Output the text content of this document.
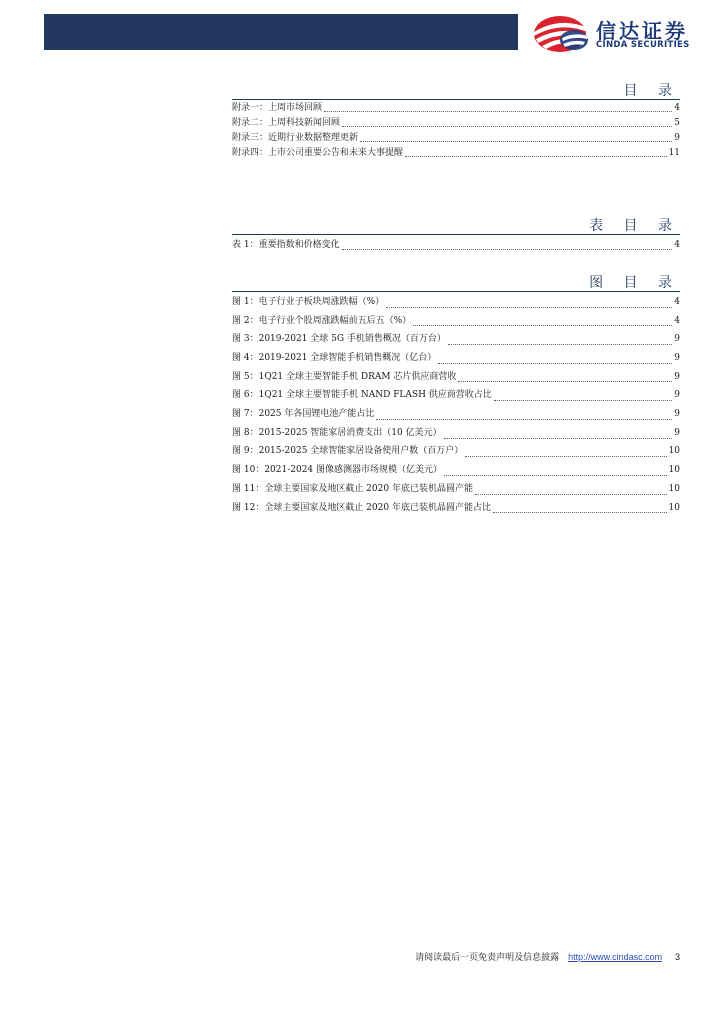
信达证券
CINDA SECURITIES
目 录
附录一：上周市场回顾	4
附录二：上周科技新闻回顾	5
附录三：近期行业数据整理更新	9
附录四：上市公司重要公告和未来大事提醒	11
表 目 录
表 1：重要指数和价格变化	4
图 目 录
图 1：电子行业子板块周涨跌幅（%）	4
图 2：电子行业个股周涨跌幅前五后五（%）	4
图 3：2019-2021 全球 5G 手机销售概况（百万台）	9
图 4：2019-2021 全球智能手机销售概况（亿台）	9
图 5：1Q21 全球主要智能手机 DRAM 芯片供应商营收	9
图 6：1Q21 全球主要智能手机 NAND FLASH 供应商营收占比	9
图 7：2025 年各国锂电池产能占比	9
图 8：2015-2025 智能家居消费支出（10 亿美元）	9
图 9：2015-2025 全球智能家居设备使用户数（百万户）	10
图 10：2021-2024 图像感测器市场规模（亿美元）	10
图 11：全球主要国家及地区截止 2020 年底已装机晶圆产能	10
图 12：全球主要国家及地区截止 2020 年底已装机晶圆产能占比	10
请阅读最后一页免责声明及信息披露 http://www.cindasc.com 3
